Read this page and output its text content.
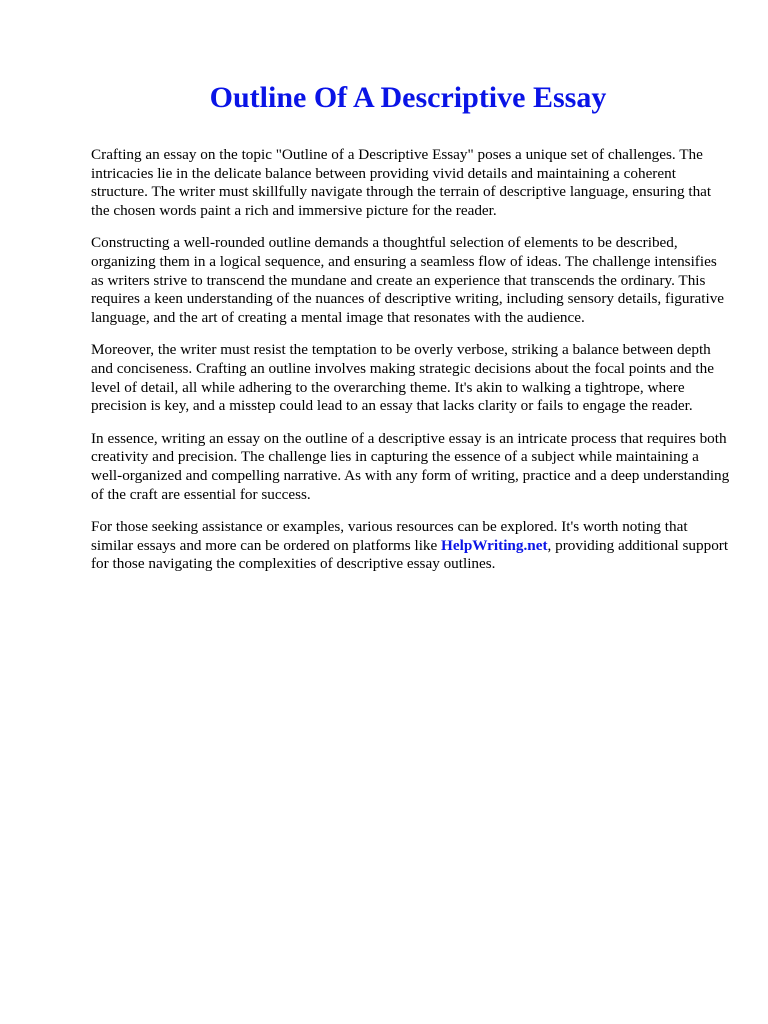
Outline Of A Descriptive Essay

Crafting an essay on the topic "Outline of a Descriptive Essay" poses a unique set of challenges. The intricacies lie in the delicate balance between providing vivid details and maintaining a coherent structure. The writer must skillfully navigate through the terrain of descriptive language, ensuring that the chosen words paint a rich and immersive picture for the reader.

Constructing a well-rounded outline demands a thoughtful selection of elements to be described, organizing them in a logical sequence, and ensuring a seamless flow of ideas. The challenge intensifies as writers strive to transcend the mundane and create an experience that transcends the ordinary. This requires a keen understanding of the nuances of descriptive writing, including sensory details, figurative language, and the art of creating a mental image that resonates with the audience.

Moreover, the writer must resist the temptation to be overly verbose, striking a balance between depth and conciseness. Crafting an outline involves making strategic decisions about the focal points and the level of detail, all while adhering to the overarching theme. It's akin to walking a tightrope, where precision is key, and a misstep could lead to an essay that lacks clarity or fails to engage the reader.

In essence, writing an essay on the outline of a descriptive essay is an intricate process that requires both creativity and precision. The challenge lies in capturing the essence of a subject while maintaining a well-organized and compelling narrative. As with any form of writing, practice and a deep understanding of the craft are essential for success.

For those seeking assistance or examples, various resources can be explored. It's worth noting that similar essays and more can be ordered on platforms like HelpWriting.net, providing additional support for those navigating the complexities of descriptive essay outlines.
